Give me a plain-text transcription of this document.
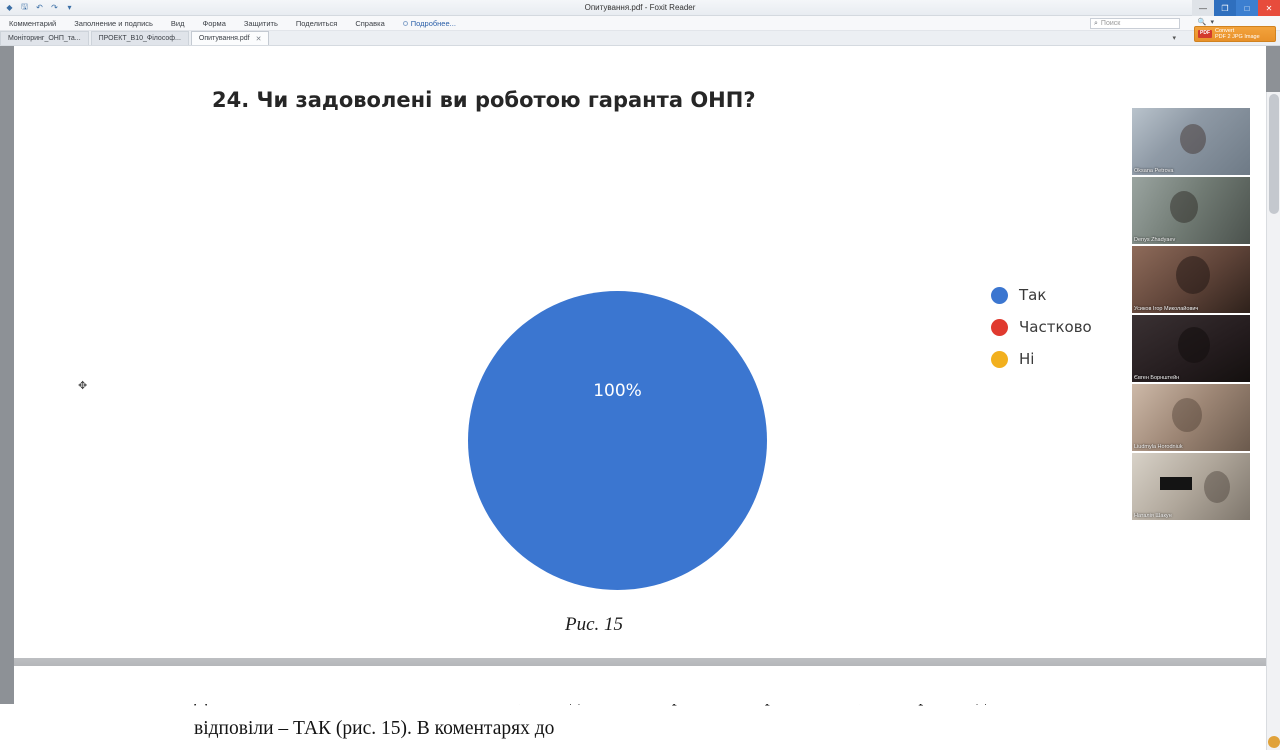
◆	🖫 ↶ ↷	▾	Опитування.pdf - Foxit Reader	—	❐	□	✕
Комментарий	Заполнение и подпись	Вид	Форма	Защитить	Поделиться	Справка	Подробнее...	⌕ Поиск	🔍 ▾
Моніторинг_ОНП_та...	ПРОЕКТ_В10_Філософ...	Опитування.pdf ✕	▾
PDF Convert
PDF 2 JPG Image
24. Чи задоволені ви роботою гаранта ОНП?
100%
Так
Частково
Ні
Рис. 15
відповіли – ТАК (рис. 15). В коментарях до
✥
Oksana Petrova
Denys Zhadyaev
Усиков Ігор Миколайович
Євген Борнштейн
Liudmyla Horodniuk
Наталія Шакун
